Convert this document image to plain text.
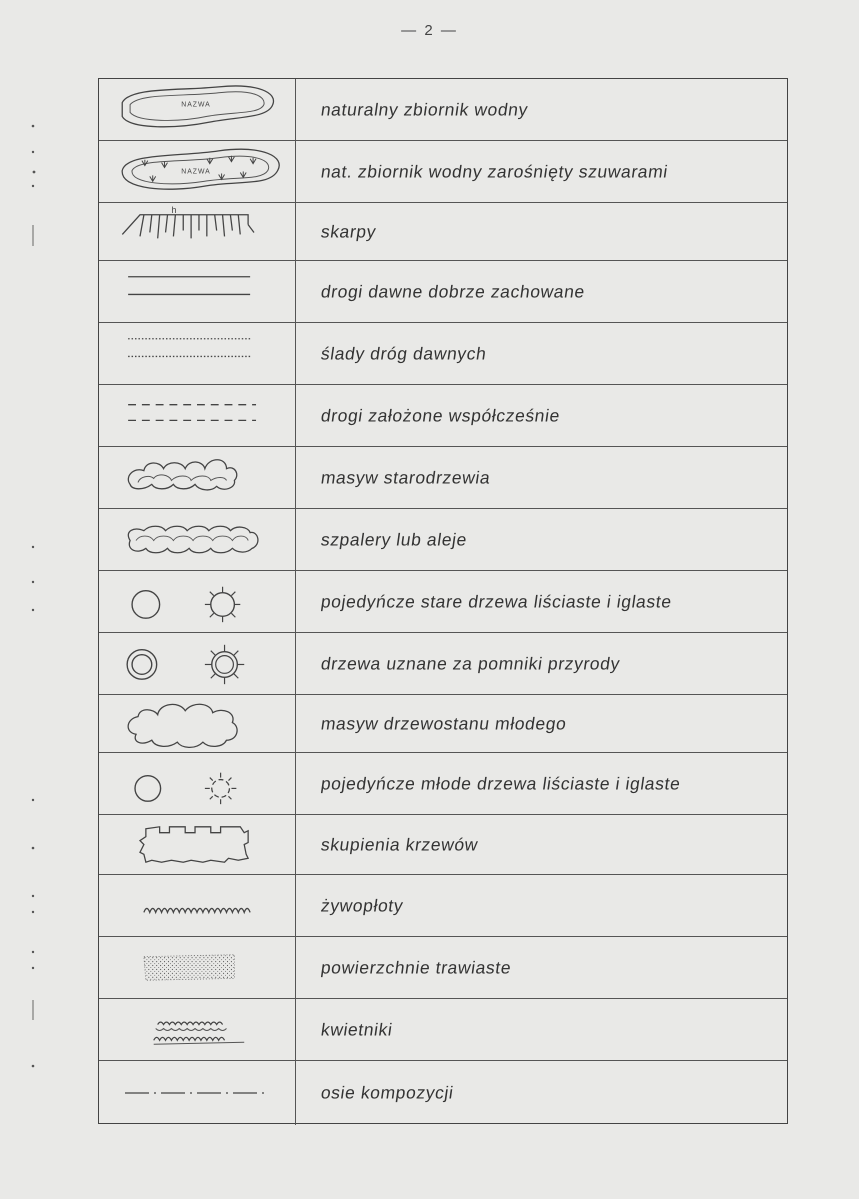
— 2 —
NAZWA	naturalny zbiornik wodny
NAZWA	nat. zbiornik wodny zarośnięty szuwarami
h
skarpy
drogi dawne dobrze zachowane
ślady dróg dawnych
drogi założone współcześnie
masyw starodrzewia
szpalery lub aleje
pojedyńcze stare drzewa liściaste i iglaste
drzewa uznane za pomniki przyrody
masyw drzewostanu młodego
pojedyńcze młode drzewa liściaste i iglaste
skupienia krzewów
żywopłoty
powierzchnie trawiaste
kwietniki
osie kompozycji
